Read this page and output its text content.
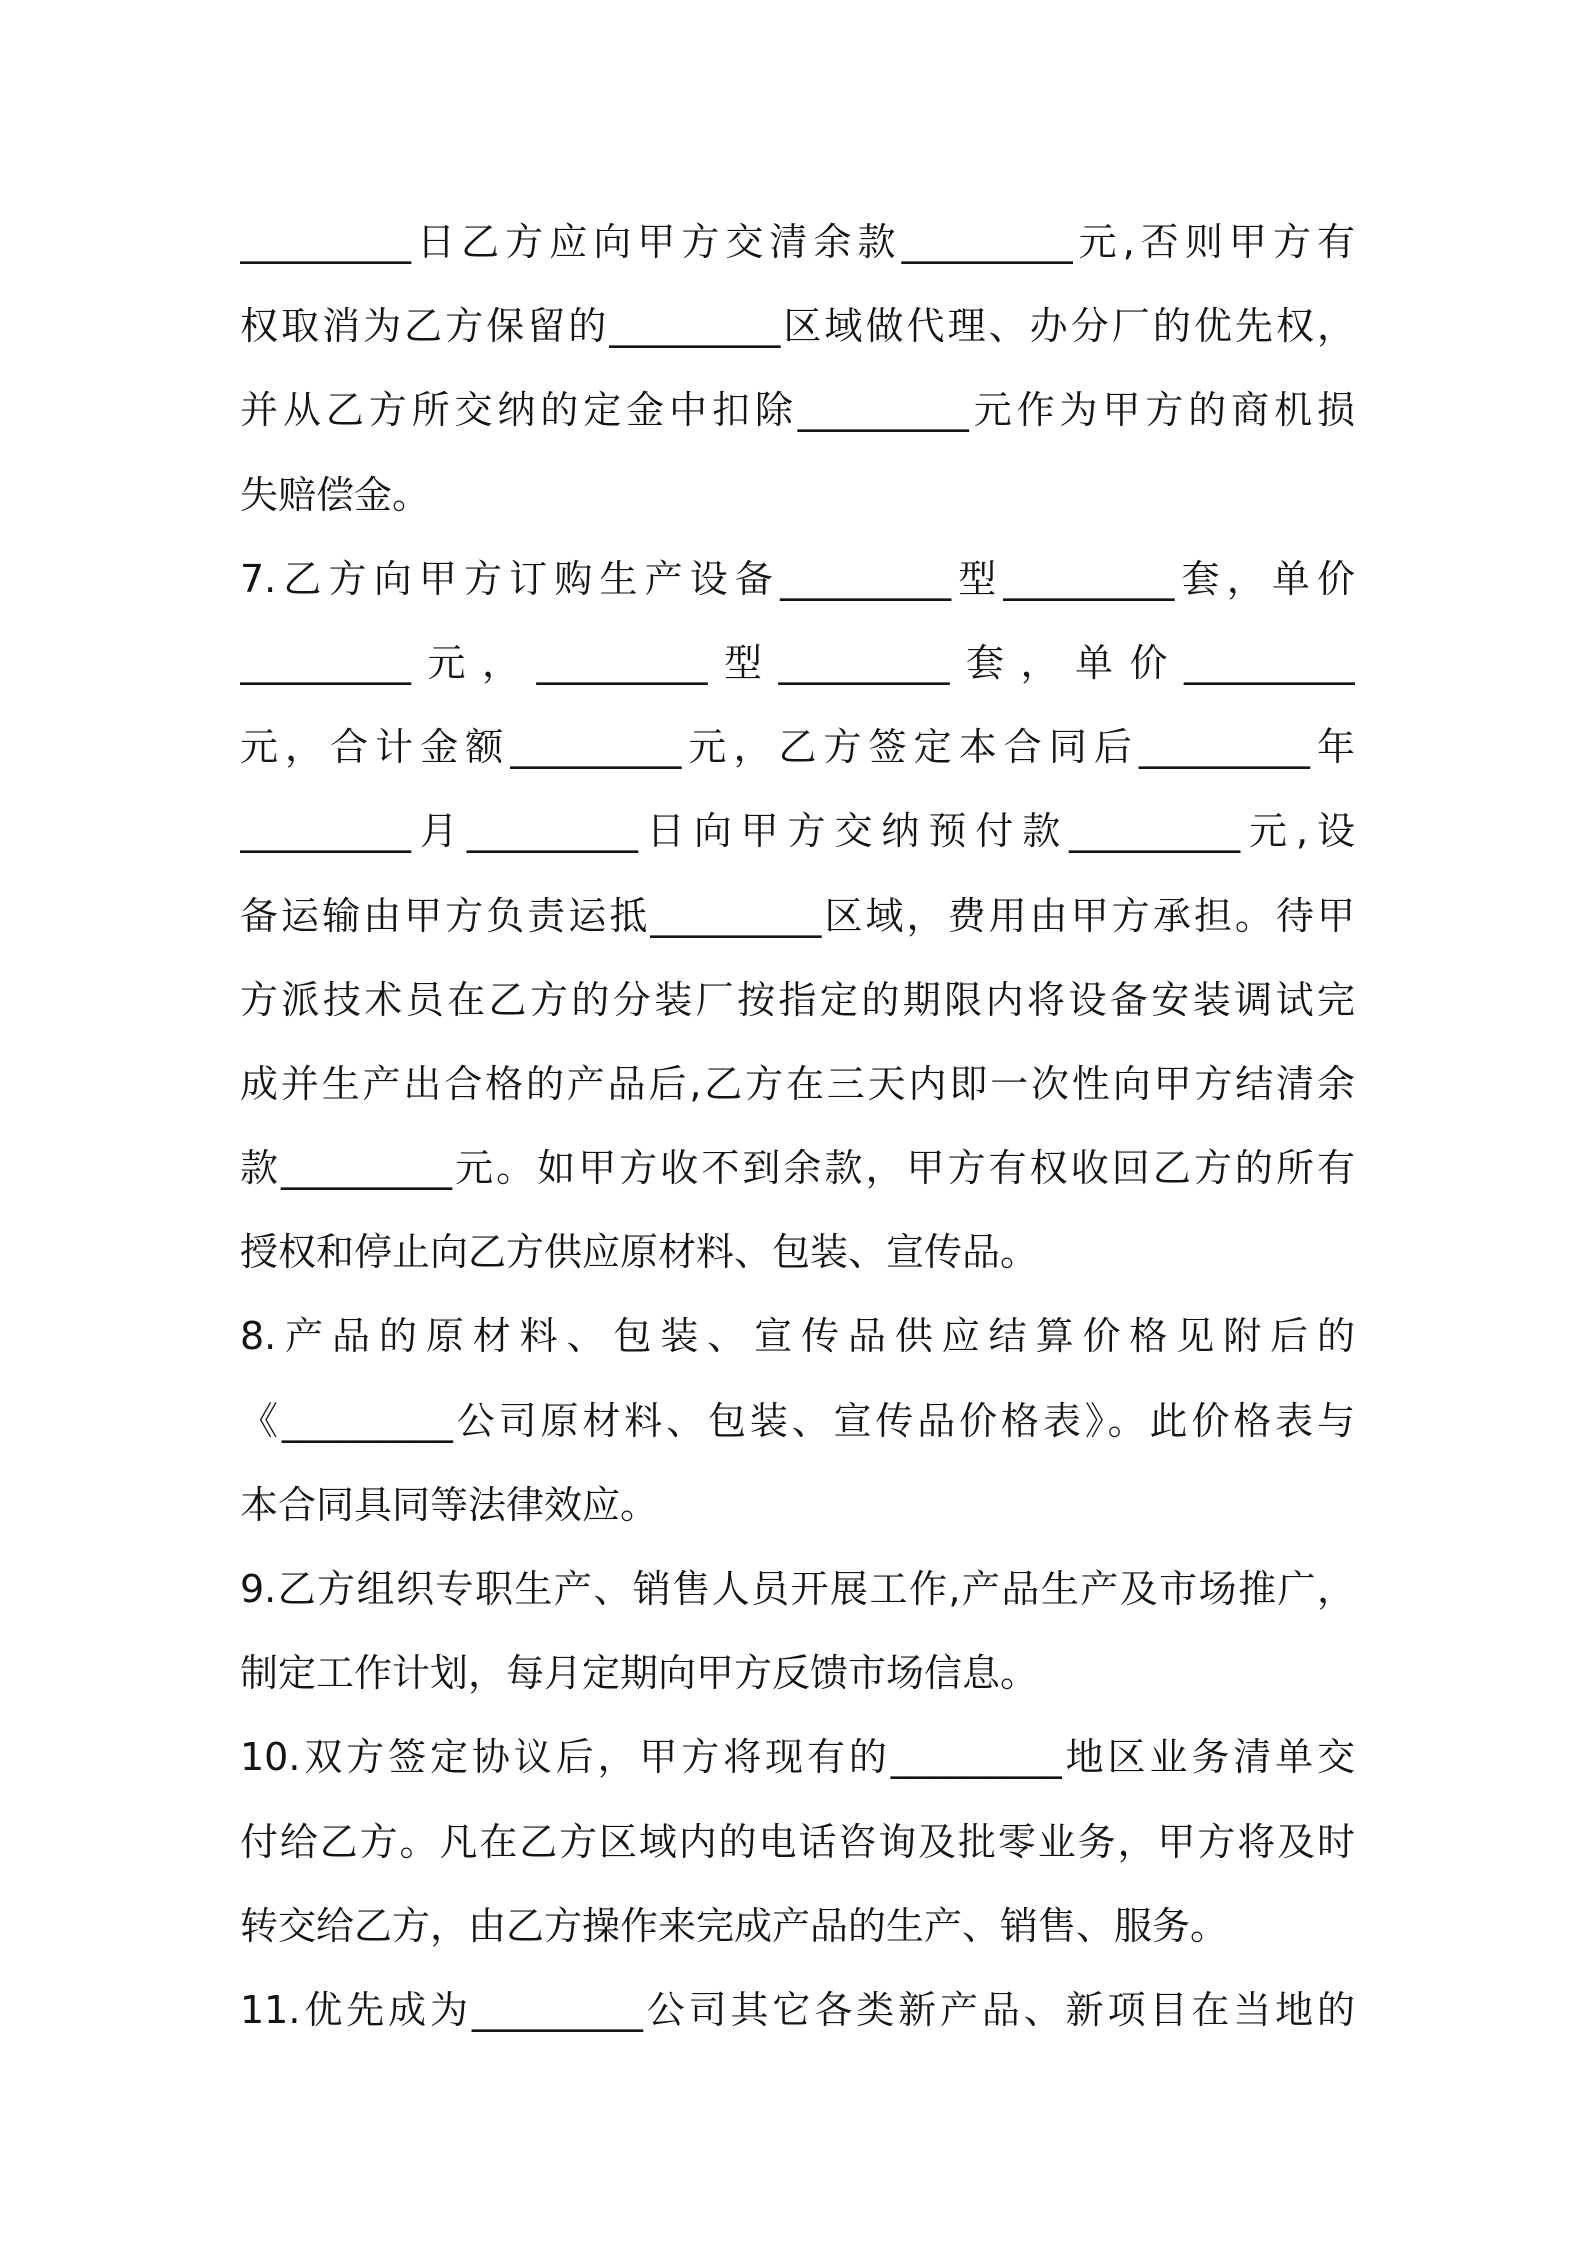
_________日乙方应向甲方交清余款_________元,否则甲方有
权取消为乙方保留的_________区域做代理、办分厂的优先权，
并从乙方所交纳的定金中扣除_________元作为甲方的商机损
失赔偿金。
7.乙方向甲方订购生产设备_________型_________套，单价
_________元，_________型_________套，单价_________
元，合计金额_________元，乙方签定本合同后_________年
_________月_________日向甲方交纳预付款_________元,设
备运输由甲方负责运抵_________区域，费用由甲方承担。待甲
方派技术员在乙方的分装厂按指定的期限内将设备安装调试完
成并生产出合格的产品后,乙方在三天内即一次性向甲方结清余
款_________元。如甲方收不到余款，甲方有权收回乙方的所有
授权和停止向乙方供应原材料、包装、宣传品。
8.产品的原材料、包装、宣传品供应结算价格见附后的
《_________公司原材料、包装、宣传品价格表》。此价格表与
本合同具同等法律效应。
9.乙方组织专职生产、销售人员开展工作,产品生产及市场推广，
制定工作计划，每月定期向甲方反馈市场信息。
10.双方签定协议后，甲方将现有的_________地区业务清单交
付给乙方。凡在乙方区域内的电话咨询及批零业务，甲方将及时
转交给乙方，由乙方操作来完成产品的生产、销售、服务。
11.优先成为_________公司其它各类新产品、新项目在当地的
